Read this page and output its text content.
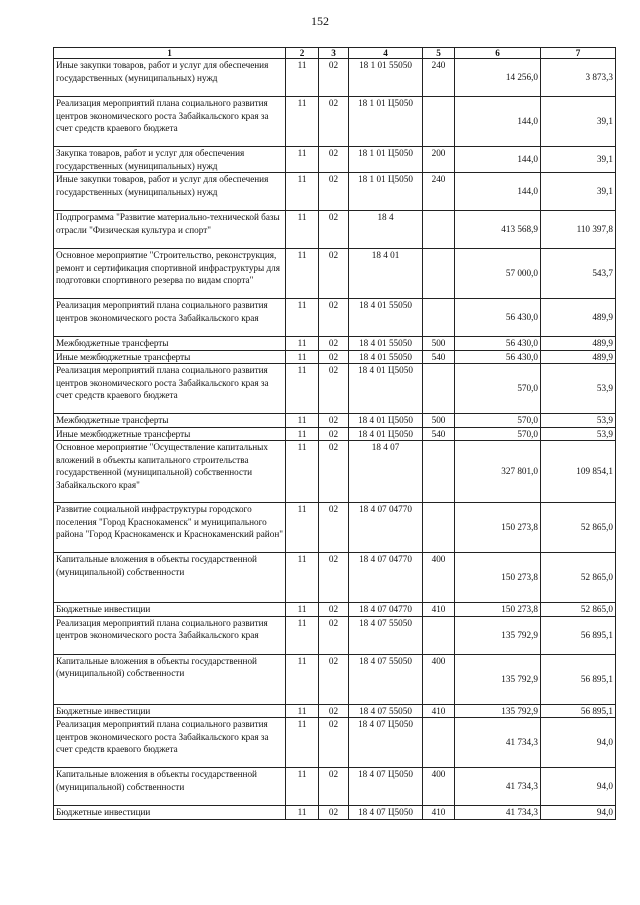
152
1	2	3	4	5	6	7
Иные закупки товаров, работ и услуг для обеспечения государственных (муниципальных) нужд	11	02	18 1 01 55050	240	14 256,0	3 873,3
Реализация мероприятий плана социального развития центров экономического роста Забайкальского края за счет средств краевого бюджета	11	02	18 1 01 Ц5050		144,0	39,1
Закупка товаров, работ и услуг для обеспечения государственных (муниципальных) нужд	11	02	18 1 01 Ц5050	200	144,0	39,1
Иные закупки товаров, работ и услуг для обеспечения государственных (муниципальных) нужд	11	02	18 1 01 Ц5050	240	144,0	39,1
Подпрограмма "Развитие материально-технической базы отрасли "Физическая культура и спорт"	11	02	18 4		413 568,9	110 397,8
Основное мероприятие "Строительство, реконструкция, ремонт и сертификация спортивной инфраструктуры для подготовки спортивного резерва по видам спорта"	11	02	18 4 01		57 000,0	543,7
Реализация мероприятий плана социального развития центров экономического роста Забайкальского края	11	02	18 4 01 55050		56 430,0	489,9
Межбюджетные трансферты	11	02	18 4 01 55050	500	56 430,0	489,9
Иные межбюджетные трансферты	11	02	18 4 01 55050	540	56 430,0	489,9
Реализация мероприятий плана социального развития центров экономического роста Забайкальского края за счет средств краевого бюджета	11	02	18 4 01 Ц5050		570,0	53,9
Межбюджетные трансферты	11	02	18 4 01 Ц5050	500	570,0	53,9
Иные межбюджетные трансферты	11	02	18 4 01 Ц5050	540	570,0	53,9
Основное мероприятие "Осуществление капитальных вложений в объекты капитального строительства государственной (муниципальной) собственности Забайкальского края"	11	02	18 4 07		327 801,0	109 854,1
Развитие социальной инфраструктуры городского поселения "Город Краснокаменск" и муниципального района "Город Краснокаменск и Краснокаменский район"	11	02	18 4 07 04770		150 273,8	52 865,0
Капитальные вложения в объекты государственной (муниципальной) собственности	11	02	18 4 07 04770	400	150 273,8	52 865,0
Бюджетные инвестиции	11	02	18 4 07 04770	410	150 273,8	52 865,0
Реализация мероприятий плана социального развития центров экономического роста Забайкальского края	11	02	18 4 07 55050		135 792,9	56 895,1
Капитальные вложения в объекты государственной (муниципальной) собственности	11	02	18 4 07 55050	400	135 792,9	56 895,1
Бюджетные инвестиции	11	02	18 4 07 55050	410	135 792,9	56 895,1
Реализация мероприятий плана социального развития центров экономического роста Забайкальского края за счет средств краевого бюджета	11	02	18 4 07 Ц5050		41 734,3	94,0
Капитальные вложения в объекты государственной (муниципальной) собственности	11	02	18 4 07 Ц5050	400	41 734,3	94,0
Бюджетные инвестиции	11	02	18 4 07 Ц5050	410	41 734,3	94,0
